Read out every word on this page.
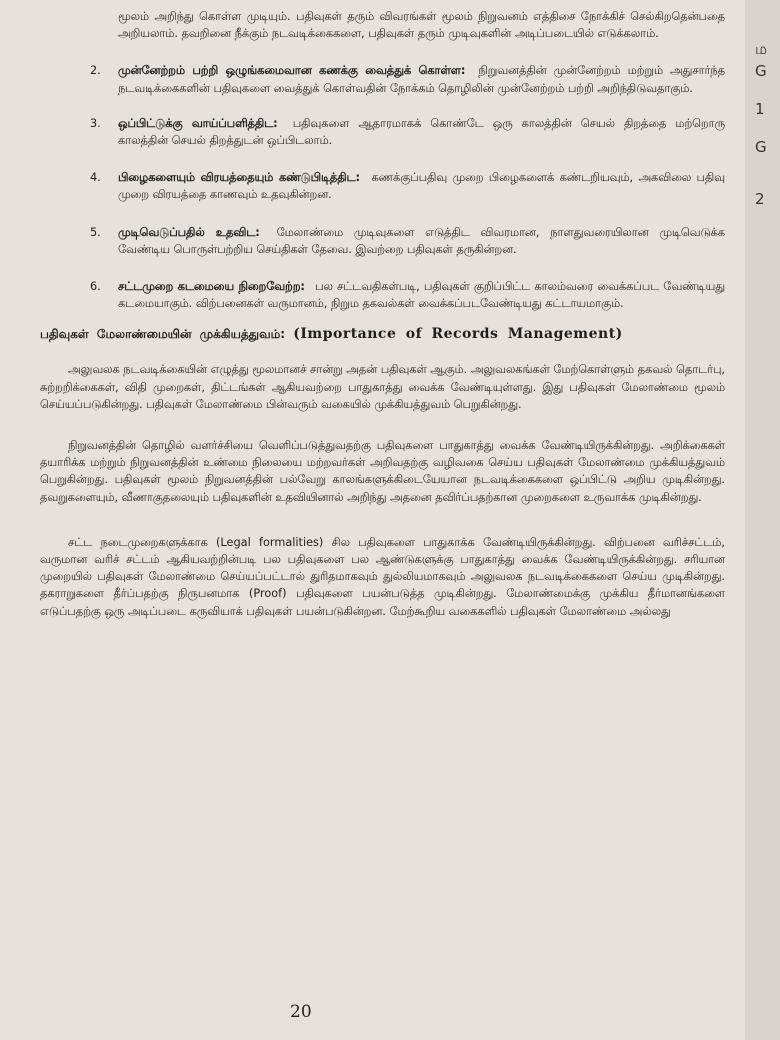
மூலம் அறிந்து கொள்ள முடியும். பதிவுகள் தரும் விவரங்கள் மூலம் நிறுவனம் எத்திசை நோக்கிச் செல்கிறதென்பதை அறியலாம். தவறினை நீக்கும் நடவடிக்கைகளை, பதிவுகள் தரும் முடிவுகளின் அடிப்படையில் எடுக்கலாம்.

2. முன்னேற்றம் பற்றி ஒழுங்கமைவான கணக்கு வைத்துக் கொள்ள: நிறுவனத்தின் முன்னேற்றம் மற்றும் அதுசார்ந்த நடவடிக்கைகளின் பதிவுகளை வைத்துக் கொள்வதின் நோக்கம் தொழிலின் முன்னேற்றம் பற்றி அறிந்திடுவதாகும்.
3. ஒப்பிட்டுக்கு வாய்ப்பளித்திட: பதிவுகளை ஆதாரமாகக் கொண்டே ஒரு காலத்தின் செயல் திறத்தை மற்றொரு காலத்தின் செயல் திறத்துடன் ஒப்பிடலாம்.
4. பிழைகளையும் விரயத்தையும் கண்டுபிடித்திட: கணக்குப்பதிவு முறை பிழைகளைக் கண்டறியவும், அகவிலை பதிவு முறை விரயத்தை காணவும் உதவுகின்றன.
5. முடிவெடுப்பதில் உதவிட: மேலாண்மை முடிவுகளை எடுத்திட விவரமான, நாளதுவரையிலான முடிவெடுக்க வேண்டிய பொருள்பற்றிய செய்திகள் தேவை. இவற்றை பதிவுகள் தருகின்றன.
6. சட்டமுறை கடமையை நிறைவேற்ற: பல சட்டவதிகள்படி, பதிவுகள் குறிப்பிட்ட காலம்வரை வைக்கப்பட வேண்டியது கடமையாகும். விற்பனைகள் வருமானம், நிறும தகவல்கள் வைக்கப்படவேண்டியது கட்டாயமாகும்.
பதிவுகள் மேலாண்மையின் முக்கியத்துவம்: (Importance of Records Management)

அலுவலக நடவடிக்கையின் எழுத்து மூலமானச் சான்று அதன் பதிவுகள் ஆகும். அலுவலகங்கள் மேற்கொள்ளும் தகவல் தொடர்பு, சுற்றறிக்கைகள், விதி முறைகள், திட்டங்கள் ஆகியவற்றை பாதுகாத்து வைக்க வேண்டியுள்ளது. இது பதிவுகள் மேலாண்மை மூலம் செய்யப்படுகின்றது. பதிவுகள் மேலாண்மை பின்வரும் வகையில் முக்கியத்துவம் பெறுகின்றது.

நிறுவனத்தின் தொழில் வளர்ச்சியை வெளிப்படுத்துவதற்கு பதிவுகளை பாதுகாத்து வைக்க வேண்டியிருக்கின்றது. அறிக்கைகள் தயாரிக்க மற்றும் நிறுவனத்தின் உண்மை நிலையை மற்றவர்கள் அறிவதற்கு வழிவகை செய்ய பதிவுகள் மேலாண்மை முக்கியத்துவம் பெறுகின்றது. பதிவுகள் மூலம் நிறுவனத்தின் பல்வேறு காலங்களுக்கிடையேயான நடவடிக்கைகளை ஒப்பிட்டு அறிய முடிகின்றது. தவறுகளையும், வீணாகுதலையும் பதிவுகளின் உதவியினால் அறிந்து அதனை தவிர்ப்பதற்கான முறைகளை உருவாக்க முடிகின்றது.

சட்ட நடைமுறைகளுக்காக (Legal formalities) சில பதிவுகளை பாதுகாக்க வேண்டியிருக்கின்றது. விற்பனை வரிச்சட்டம், வருமான வரிச் சட்டம் ஆகியவற்றின்படி பல பதிவுகளை பல ஆண்டுகளுக்கு பாதுகாத்து வைக்க வேண்டியிருக்கின்றது. சரியான முறையில் பதிவுகள் மேலாண்மை செய்யப்பட்டால் துரிதமாகவும் துல்லியமாகவும் அலுவலக நடவடிக்கைகளை செய்ய முடிகின்றது. தகராறுகளை தீர்ப்பதற்கு நிருபனமாக (Proof) பதிவுகளை பயன்படுத்த முடிகின்றது. மேலாண்மைக்கு முக்கிய தீர்மானங்களை எடுப்பதற்கு ஒரு அடிப்படை கருவியாக் பதிவுகள் பயன்படுகின்றன. மேற்கூறிய வகைகளில் பதிவுகள் மேலாண்மை அல்லது

20
ம
G
1
G
2
